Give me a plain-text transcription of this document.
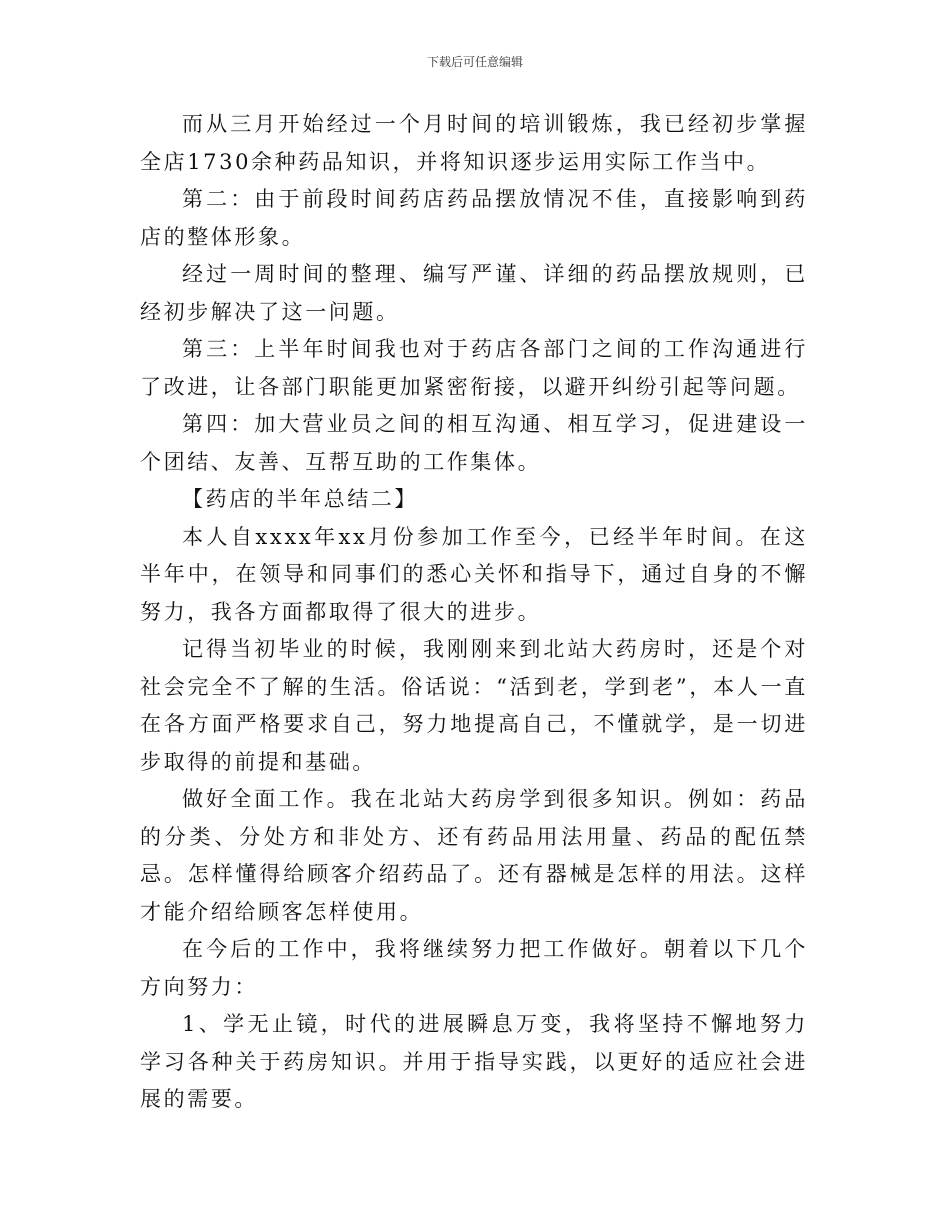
下载后可任意编辑

而从三月开始经过一个月时间的培训锻炼，我已经初步掌握全店1730余种药品知识，并将知识逐步运用实际工作当中。

第二：由于前段时间药店药品摆放情况不佳，直接影响到药店的整体形象。

经过一周时间的整理、编写严谨、详细的药品摆放规则，已经初步解决了这一问题。

第三：上半年时间我也对于药店各部门之间的工作沟通进行了改进，让各部门职能更加紧密衔接，以避开纠纷引起等问题。

第四：加大营业员之间的相互沟通、相互学习，促进建设一个团结、友善、互帮互助的工作集体。

【药店的半年总结二】

本人自xxxx年xx月份参加工作至今，已经半年时间。在这半年中，在领导和同事们的悉心关怀和指导下，通过自身的不懈努力，我各方面都取得了很大的进步。

记得当初毕业的时候，我刚刚来到北站大药房时，还是个对社会完全不了解的生活。俗话说：“活到老，学到老”，本人一直在各方面严格要求自己，努力地提高自己，不懂就学，是一切进步取得的前提和基础。

做好全面工作。我在北站大药房学到很多知识。例如：药品的分类、分处方和非处方、还有药品用法用量、药品的配伍禁忌。怎样懂得给顾客介绍药品了。还有器械是怎样的用法。这样才能介绍给顾客怎样使用。

在今后的工作中，我将继续努力把工作做好。朝着以下几个方向努力：

1、学无止镜，时代的进展瞬息万变，我将坚持不懈地努力学习各种关于药房知识。并用于指导实践，以更好的适应社会进展的需要。
